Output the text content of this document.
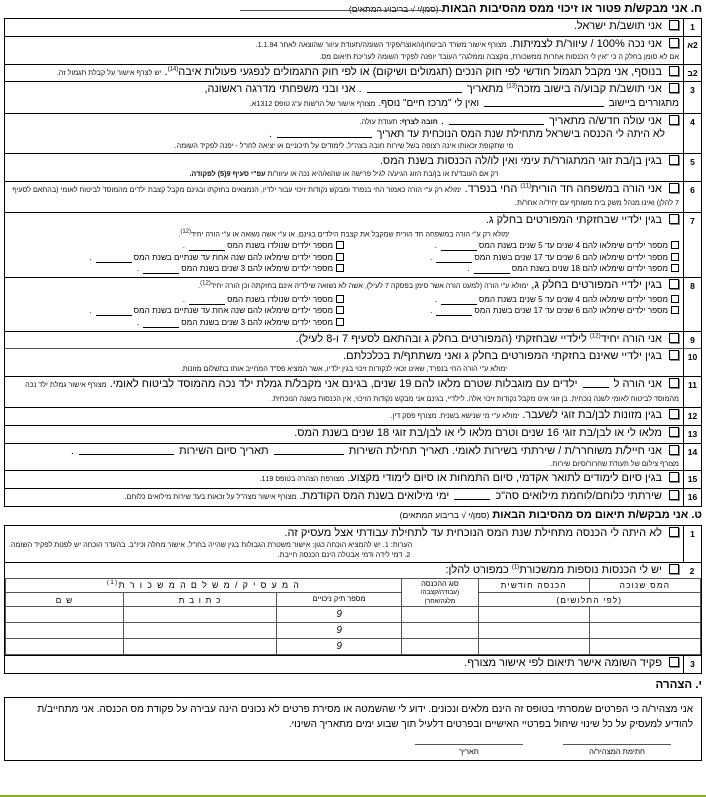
ח. אני מבקש/ת פטור או זיכוי ממס מהסיבות הבאות (סמן/י √ בריבוע המתאים)
1
אני תושב/ת ישראל.
2א
אני נכה 100% / עיוור/ת לצמיתות. מצורף אישור משרד הביטחון/האוצר/פקיד השומה/תעודת עיוור שהוצאה לאחר 1.1.94.
אם לא סומן בחלק ה כי "אין לי הכנסות אחרות ממשכורת, מקצבה וממלגה" העובד יופנה לפקיד השומה לעריכת תיאום מס.
2ב
בנוסף, אני מקבל תגמול חודשי לפי חוק הנכים (תגמולים ושיקום) או לפי חוק התגמולים לנפגעי פעולות איבה$^{(14)}$. יש לצרף אישור על קבלת תגמול זה.
3
אני תושב/ת קבוע/ה בישוב מזכה$^{(13)}$ מתאריך  . אני ובני משפחתי מדרגה ראשונה,
מתגוררים ביישוב  ואין לי "מרכז חיים" נוסף. מצורף אישור של הרשות ע"ג טופס 1312א.
4
אני עולה חדש/ה מתאריך  . חובה לצרף: תעודת עולה.
לא היתה לי הכנסה בישראל מתחילת שנת המס הנוכחית עד תאריך  .
מי שתקופת זכאותו אינה רצופה בשל שירות חובה בצה"ל, לימודים על תיכוניים או יציאה לחו"ל - יפנה לפקיד השומה.
5
בגין בן/בת זוגי המתגורר/ת עימי ואין לו/לה הכנסות בשנת המס.
רק אם העובד/ת או בן/בת הזוג הגיע/ה לגיל פרישה או שהוא/היא נכה או עיוור/ת עפ"י סעיף 9(5) לפקודה.
6
אני הורה במשפחה חד הורית$^{(11)}$ החי בנפרד. ימולא רק ע"י הורה כאמור החי בנפרד ומבקש נקודות זיכוי עבור ילדיו, הנמצאים בחזקתו ובגינם מקבל קצבת ילדים מהמוסד לביטוח לאומי (בהתאם לסעיף 7 להלן) ואינו מנהל משק בית משותף עם יחיד/ה אחר/ת.
7
בגין ילדיי שבחזקתי המפורטים בחלק ג.
ימולא רק ע"י הורה במשפחה חד הורית שמקבל את קצבת הילדים בגינם, או ע"י אשה נשואה או ע"י הורה יחיד$^{(12)}$.
מספר ילדים שימלאו להם 4 שנים עד 5 שנים בשנת המס
.
מספר ילדים שנולדו בשנת המס
.
מספר ילדים שימלאו להם 6 שנים עד 17 שנים בשנת המס
.
מספר ילדים שימלאו להם שנה אחת עד שנתיים בשנת המס
.
מספר ילדים שימלאו להם 18 שנים בשנת המס
.
מספר ילדים שימלאו להם 3 שנים בשנת המס
.
8
בגין ילדיי המפורטים בחלק ג, ימולא ע"י הורה (למעט הורה אשר סימן בפסקה 7 לעיל), אשה לא נשואה שילדיה אינם בחזקתה וכן הורה יחיד$^{(12)}$.
מספר ילדים שימלאו להם 4 שנים עד 5 שנים בשנת המס
.
מספר ילדים שנולדו בשנת המס
.
מספר ילדים שימלאו להם 6 שנים עד 17 שנים בשנת המס
.
מספר ילדים שימלאו להם שנה אחת עד שנתיים בשנת המס
.
מספר ילדים שימלאו להם 3 שנים בשנת המס
.
9
אני הורה יחיד$^{(12)}$ לילדיי שבחזקתי (המפורטים בחלק ג ובהתאם לסעיף 7 ו-8 לעיל).
10
בגין ילדיי שאינם בחזקתי המפורטים בחלק ג ואני משתתף/ת בכלכלתם.
ימולא ע"י הורה החי בנפרד, שאינו זכאי לנקודות זיכוי בגין ילדיו, אשר המציא פס"ד המחייב אותו בתשלום מזונות.
11
אני הורה ל  ילדים עם מוגבלות שטרם מלאו להם 19 שנים, בגינם אני מקבל/ת גמלת ילד נכה מהמוסד לביטוח לאומי. מצורף אישור גמלת ילד נכה מהמוסד לביטוח לאומי לשנה נוכחית. בן זוגי אינו מקבל נקודות זיכוי אלה. לילדיי, בגינם אני מבקש נקודות הזיכוי, אין הכנסות בשנה הנוכחית.
12
בגין מזונות לבן/בת זוגי לשעבר. ימולא ע"י מי שנישא בשנית. מצורף פסק דין.
13
מלאו לי או לבן/בת זוגי 16 שנים וטרם מלאו לי או לבן/בת זוגי 18 שנים בשנת המס.
14
אני חייל/ת משוחרר/ת / שירתתי בשירות לאומי. תאריך תחילת השירות  תאריך סיום השירות  .
מצורף צילום של תעודת שחרור/סיום שירות.
15
בגין סיום לימודים לתואר אקדמי, סיום התמחות או סיום לימודי מקצוע. מצורפת הצהרה בטופס 119.
16
שירתתי כלוחם/לוחמת מילואים סה"כ  ימי מילואים בשנת המס הקודמת. מצורף אישור מצה"ל על זכאות בעד שירות מילואים כלוחם.
ט. אני מבקש/ת תיאום מס מהסיבות הבאות (סמן/י √ בריבוע המתאים)
1
לא היתה לי הכנסה מתחילת שנת המס הנוכחית עד לתחילת עבודתי אצל מעסיק זה.
הערות: 1. יש להמציא הוכחה כגון: אישור משטרת הגבולות בגין שהייה בחו"ל, אישור מחלה וכיו"ב. בהעדר הוכחה יש לפנות לפקיד השומה.
2. דמי לידה ודמי אבטלה הינם הכנסה חייבת.
2
יש לי הכנסות נוספות ממשכורת$^{(1)}$ כמפורט להלן:
המס שנוכה	הכנסה חודשית	סוג ההכנסה
(עבודה/קצבה/
מלגה/אחר)	ה מ ע ס י ק / מ ש ל ם ה מ ש כ ו ר ת$^{(1)}$
(לפי התלושים)			מספר תיק ניכויים	כ ת ו ב ת	ש ם
			9		
			9		
			9		
3
פקיד השומה אישר תיאום לפי אישור מצורף.
י. הצהרה
אני מצהיר/ה כי הפרטים שמסרתי בטופס זה הינם מלאים ונכונים. ידוע לי שהשמטה או מסירת פרטים לא נכונים הינה עבירה על פקודת מס הכנסה. אני מתחייב/ת להודיע למעסיק על כל שינוי שיחול בפרטיי האישיים ובפרטים דלעיל תוך שבוע ימים מתאריך השינוי.
חתימת המצהיר/ה
תאריך
